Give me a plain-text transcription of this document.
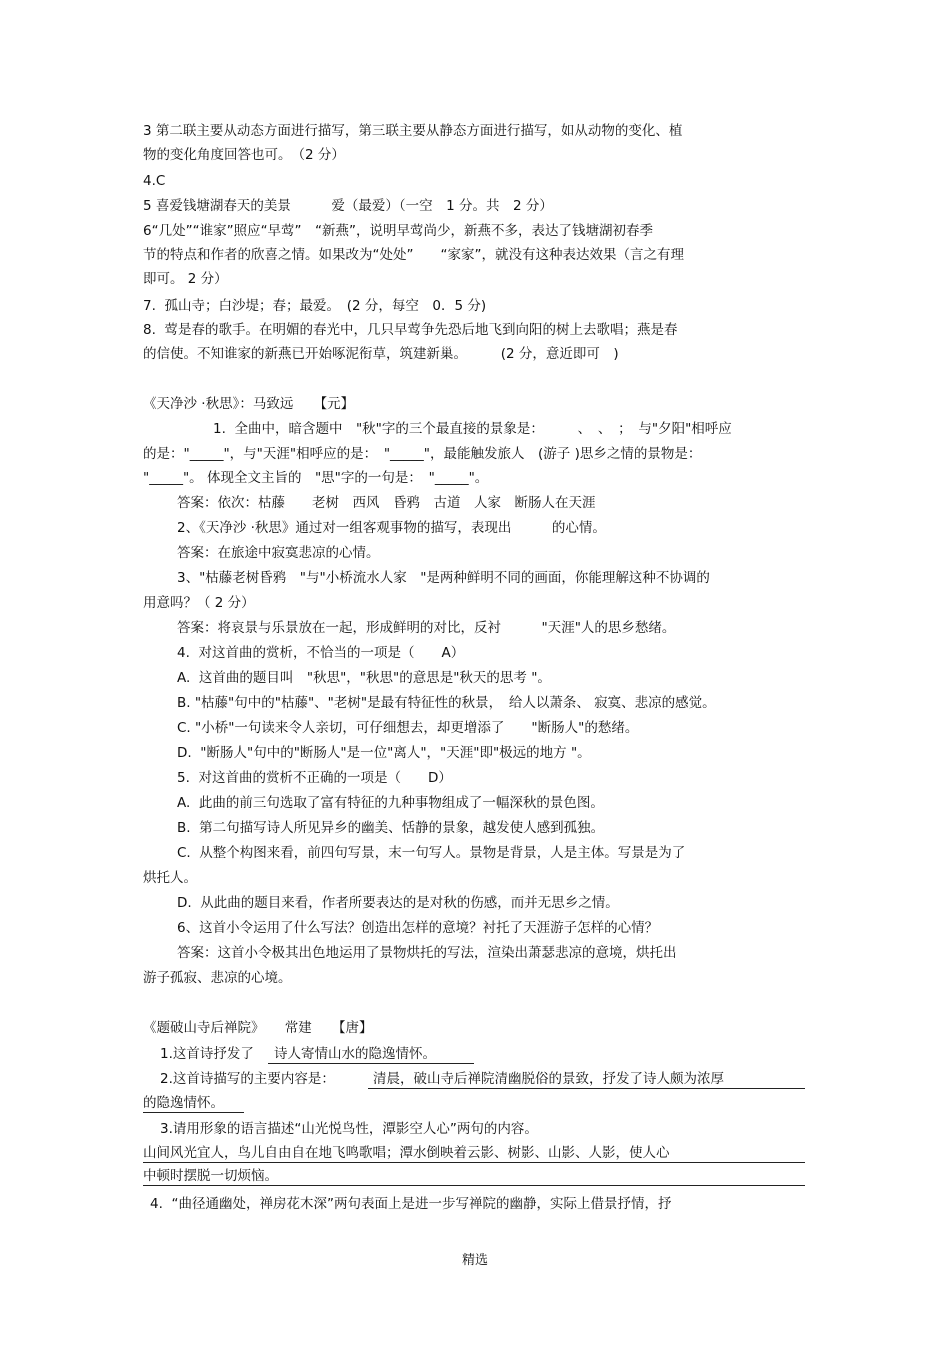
3 第二联主要从动态方面进行描写，第三联主要从静态方面进行描写，如从动物的变化、植
物的变化角度回答也可。　（2 分）
4.C
5 喜爱钱塘湖春天的美景　　　爱（最爱）（一空　1 分。共　2 分）
6“几处”“谁家”照应“早莺”　“新燕”，说明早莺尚少，新燕不多，表达了钱塘湖初春季
节的特点和作者的欣喜之情。如果改为“处处”　　“家家”，就没有这种表达效果（言之有理
即可。 2 分）
7.  孤山寺；白沙堤；春；最爱。　(2 分，每空　0．5 分)
8.  莺是春的歌手。在明媚的春光中，几只早莺争先恐后地飞到向阳的树上去歌唱；燕是春
的信使。不知谁家的新燕已开始啄泥衔草，筑建新巢。　　　(2 分，意近即可　)
《天净沙 ·秋思》：马致远　　【元】
1.  全曲中，暗含题中　"秋"字的三个最直接的景象是：　　　、　、　；　与"夕阳"相呼应
的是："_____"，与"天涯"相呼应的是：　"_____"，最能触发旅人　(游子 )思乡之情的景物是：
"_____"。 体现全文主旨的　"思"字的一句是：　"_____"。
答案：依次：枯藤　　老树　西风　昏鸦　古道　人家　断肠人在天涯
2、《天净沙 ·秋思》通过对一组客观事物的描写，表现出　　　的心情。
答案：在旅途中寂寞悲凉的心情。
3、"枯藤老树昏鸦　"与"小桥流水人家　"是两种鲜明不同的画面，你能理解这种不协调的
用意吗？（ 2 分）
答案：将哀景与乐景放在一起，形成鲜明的对比，反衬　　　"天涯"人的思乡愁绪。
4.  对这首曲的赏析，不恰当的一项是（　　A）
A.  这首曲的题目叫　"秋思"，"秋思"的意思是"秋天的思考 "。
B. "枯藤"句中的"枯藤"、"老树"是最有特征性的秋景，　给人以萧条、 寂寞、悲凉的感觉。
C. "小桥"一句读来令人亲切，可仔细想去，却更增添了　　"断肠人"的愁绪。
D.  "断肠人"句中的"断肠人"是一位"离人"，"天涯"即"极远的地方 "。
5.  对这首曲的赏析不正确的一项是（　　D）
A.  此曲的前三句选取了富有特征的九种事物组成了一幅深秋的景色图。
B.  第二句描写诗人所见异乡的幽美、恬静的景象，越发使人感到孤独。
C.  从整个构图来看，前四句写景，末一句写人。景物是背景，人是主体。写景是为了
烘托人。
D.  从此曲的题目来看，作者所要表达的是对秋的伤感，而并无思乡之情。
6、这首小令运用了什么写法？创造出怎样的意境？衬托了天涯游子怎样的心情？
答案：这首小令极其出色地运用了景物烘托的写法，渲染出萧瑟悲凉的意境，烘托出
游子孤寂、悲凉的心境。
《题破山寺后禅院》　　常建　　【唐】
1.这首诗抒发了 诗人寄情山水的隐逸情怀。
2.这首诗描写的主要内容是：	清晨，破山寺后禅院清幽脱俗的景致，抒发了诗人颇为浓厚
的隐逸情怀。
3.请用形象的语言描述“山光悦鸟性，潭影空人心”两句的内容。
山间风光宜人，鸟儿自由自在地飞鸣歌唱；潭水倒映着云影、树影、山影、人影，使人心
中顿时摆脱一切烦恼。
4.  “曲径通幽处，禅房花木深”两句表面上是进一步写禅院的幽静，实际上借景抒情，抒
精选
